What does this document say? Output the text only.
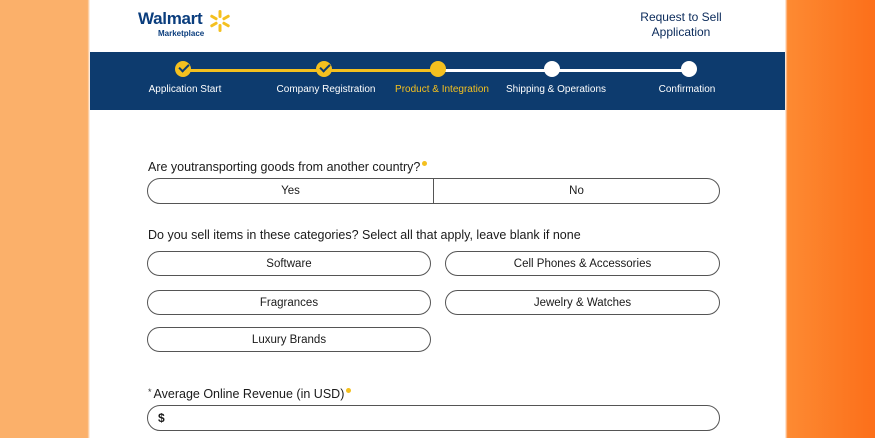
Walmart
Marketplace
Request to Sell
Application
Application Start	Company Registration Product & Integration Shipping & Operations	Confirmation
Are youtransporting goods from another country?
Yes	No
Do you sell items in these categories? Select all that apply, leave blank if none
Software	Cell Phones & Accessories
Fragrances	Jewelry & Watches
Luxury Brands
* Average Online Revenue (in USD)
$
